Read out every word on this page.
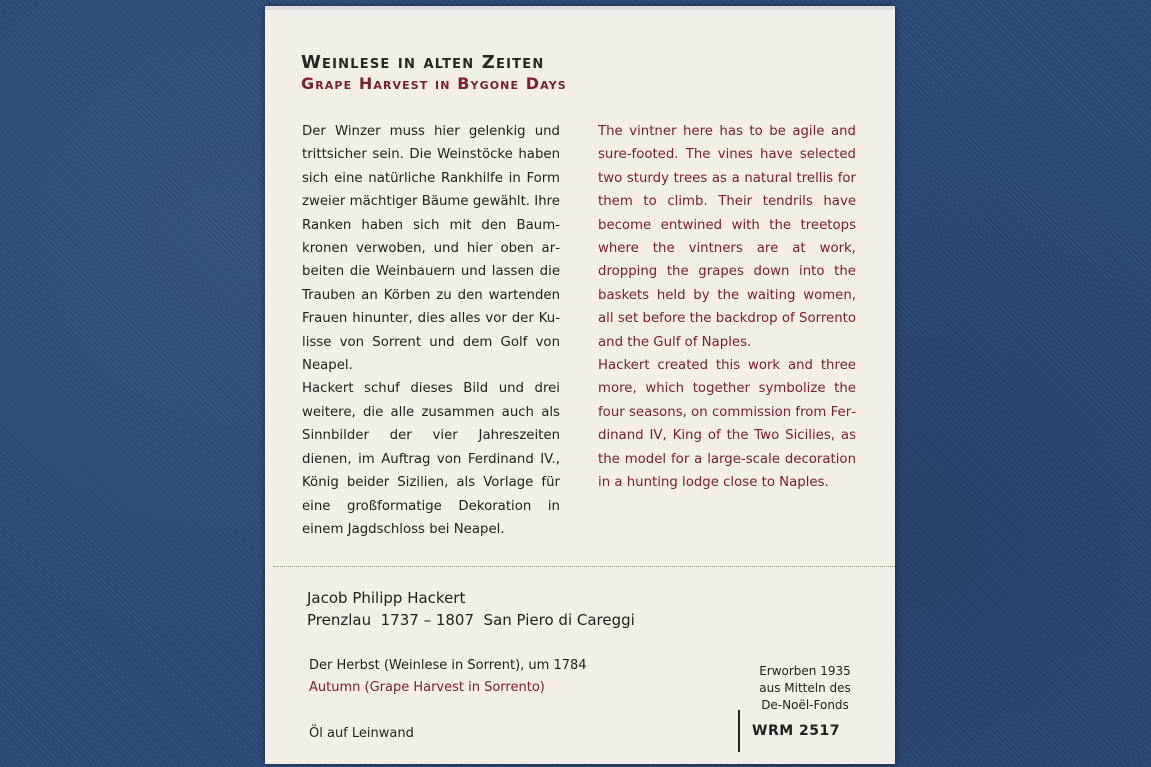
Weinlese in alten Zeiten
Grape Harvest in Bygone Days

Der Winzer muss hier gelenkig und trittsicher sein. Die Weinstöcke haben sich eine natürliche Rankhilfe in Form zweier mächtiger Bäume gewählt. Ihre Ranken haben sich mit den Baumkronen verwoben, und hier oben arbeiten die Weinbauern und lassen die Trauben an Körben zu den wartenden Frauen hinunter, dies alles vor der Kulisse von Sorrent und dem Golf von Neapel.

Hackert schuf dieses Bild und drei weitere, die alle zusammen auch als Sinnbilder der vier Jahreszeiten dienen, im Auftrag von Ferdinand IV., König beider Sizilien, als Vorlage für eine großformatige Dekoration in einem Jagdschloss bei Neapel.

The vintner here has to be agile and sure-footed. The vines have selected two sturdy trees as a natural trellis for them to climb. Their tendrils have become entwined with the treetops where the vintners are at work, dropping the grapes down into the baskets held by the waiting women, all set before the backdrop of Sorrento and the Gulf of Naples.

Hackert created this work and three more, which together symbolize the four seasons, on commission from Ferdinand IV, King of the Two Sicilies, as the model for a large-scale decoration in a hunting lodge close to Naples.

Jacob Philipp Hackert
Prenzlau  1737 – 1807  San Piero di Careggi
Der Herbst (Weinlese in Sorrent), um 1784
Autumn (Grape Harvest in Sorrento)
Öl auf Leinwand
Erworben 1935
aus Mitteln des
De-Noël-Fonds
WRM 2517
